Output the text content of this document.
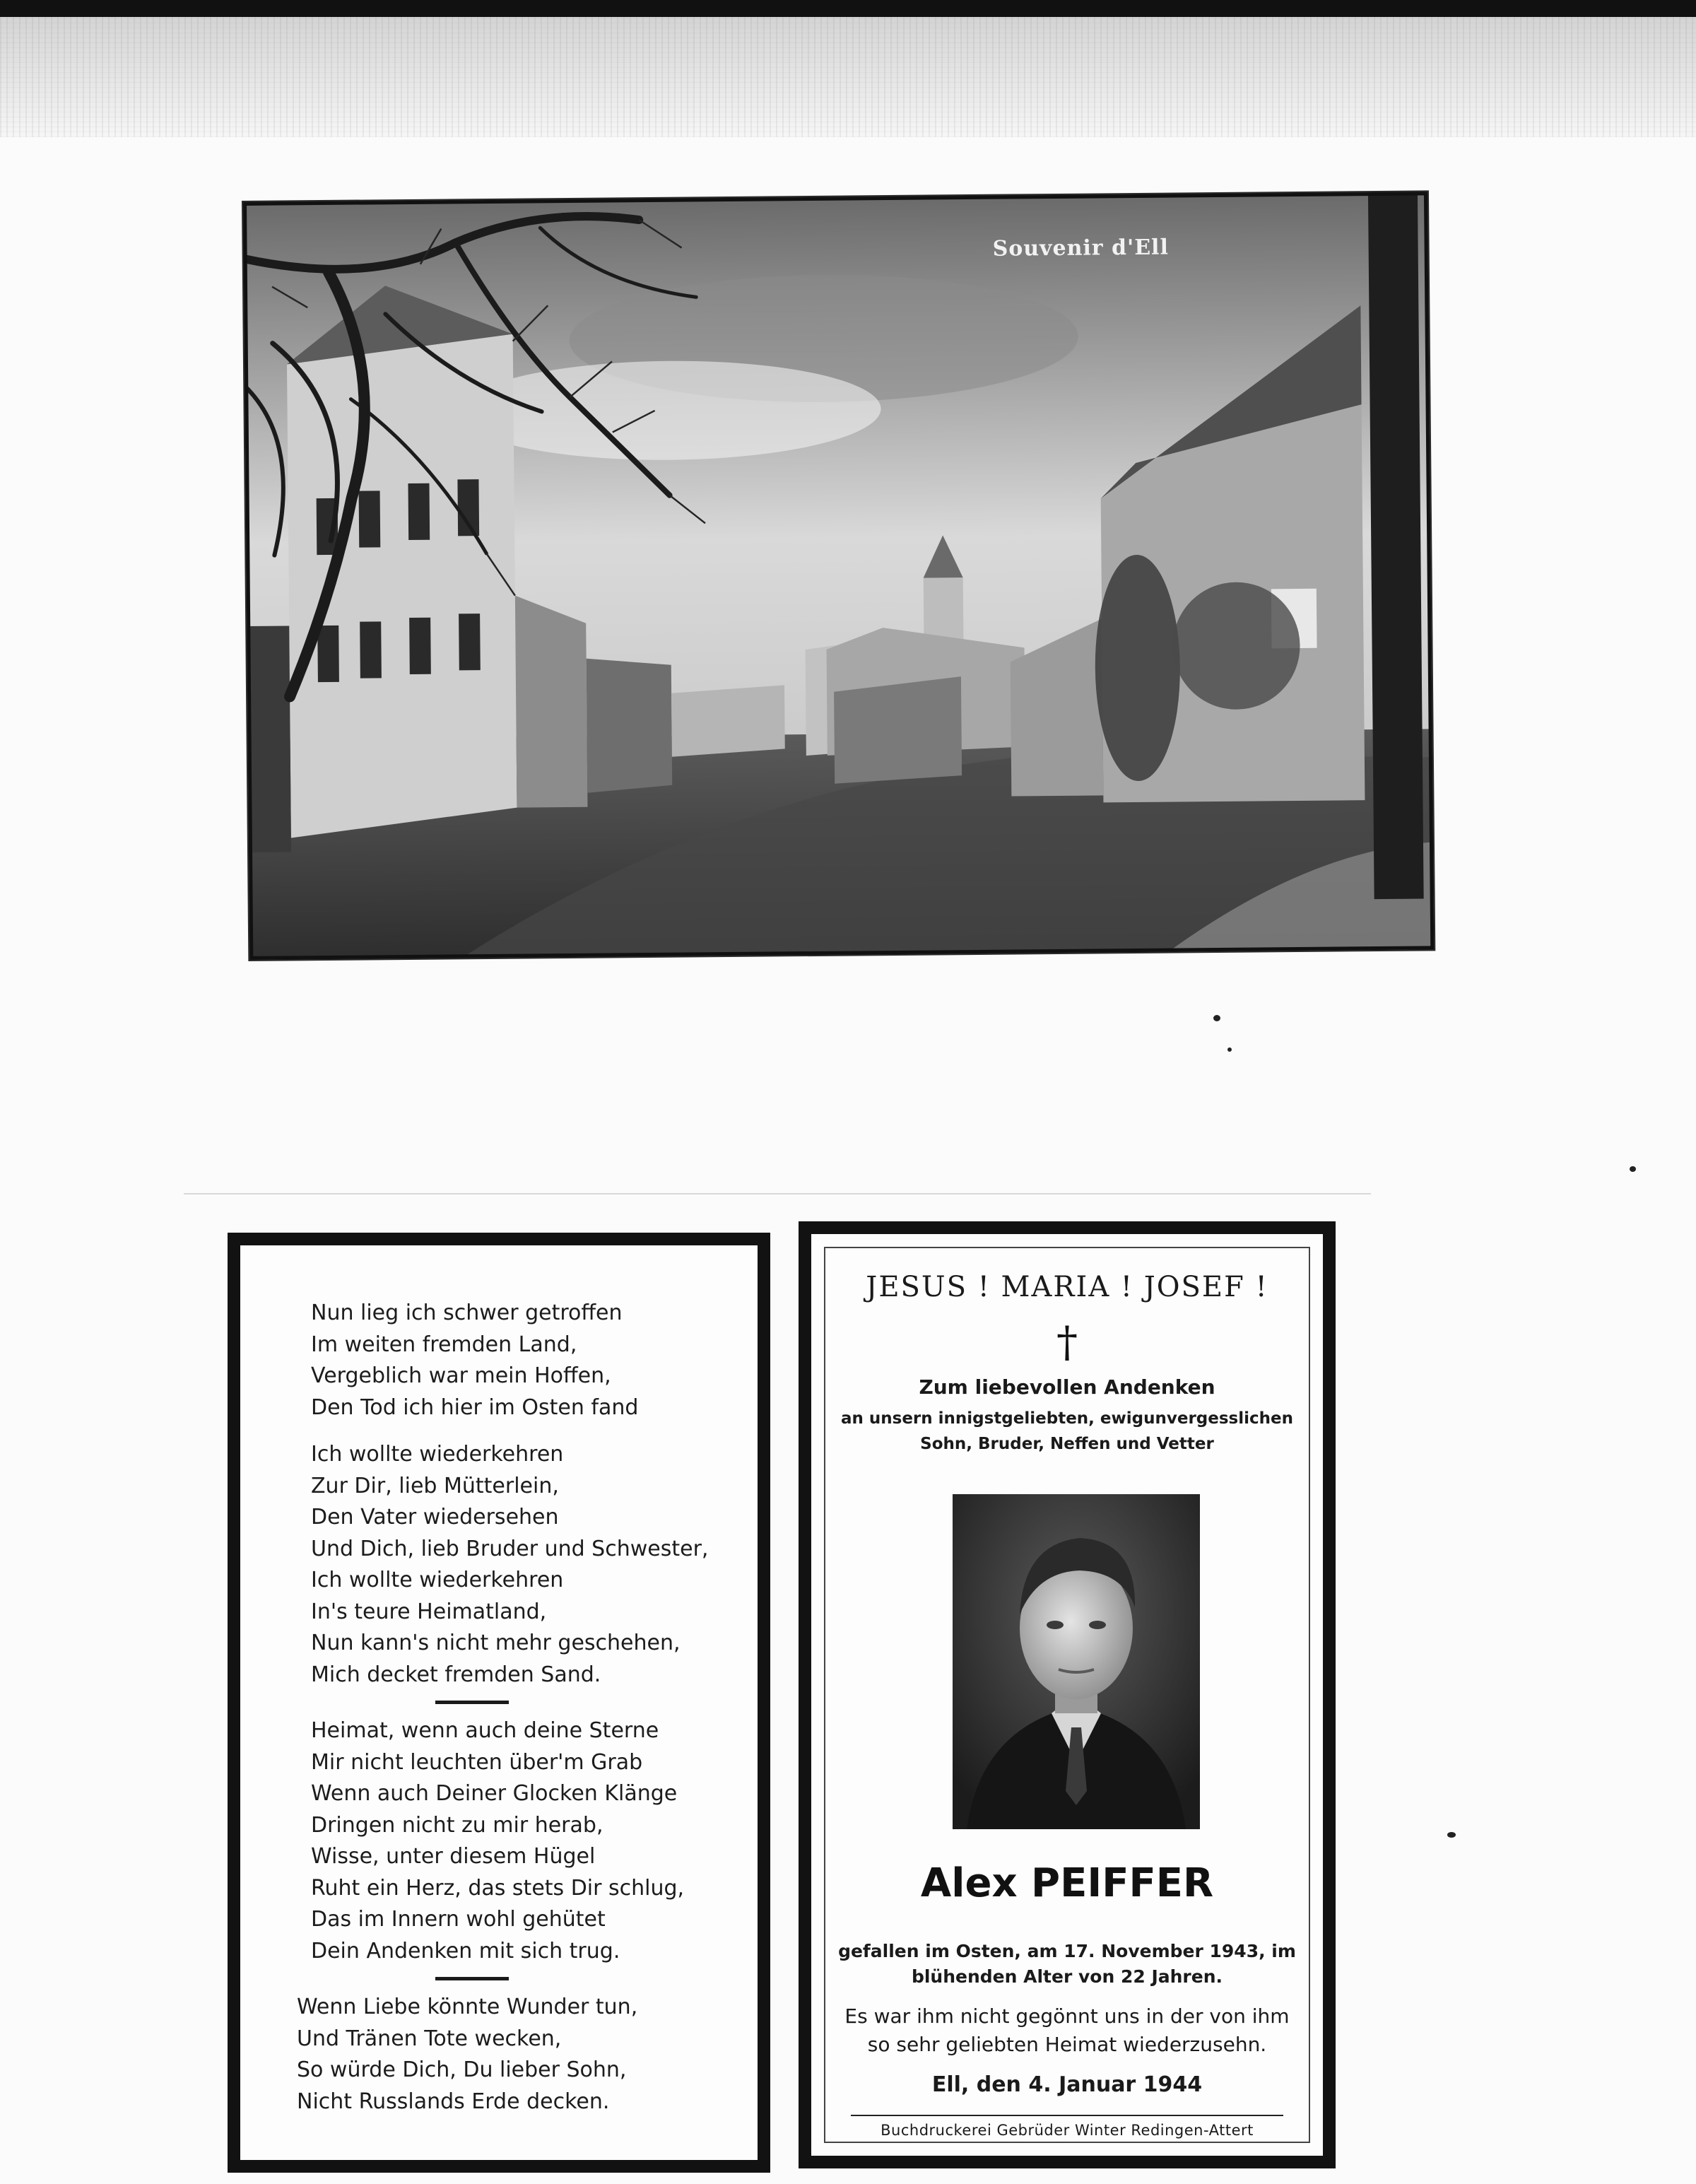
Souvenir d'Ell
Nun lieg ich schwer getroffen
Im weiten fremden Land,
Vergeblich war mein Hoffen,
Den Tod ich hier im Osten fand
Ich wollte wiederkehren
Zur Dir, lieb Mütterlein,
Den Vater wiedersehen
Und Dich, lieb Bruder und Schwester,
Ich wollte wiederkehren
In's teure Heimatland,
Nun kann's nicht mehr geschehen,
Mich decket fremden Sand.
Heimat, wenn auch deine Sterne
Mir nicht leuchten über'm Grab
Wenn auch Deiner Glocken Klänge
Dringen nicht zu mir herab,
Wisse, unter diesem Hügel
Ruht ein Herz, das stets Dir schlug,
Das im Innern wohl gehütet
Dein Andenken mit sich trug.
Wenn Liebe könnte Wunder tun,
Und Tränen Tote wecken,
So würde Dich, Du lieber Sohn,
Nicht Russlands Erde decken.
JESUS ! MARIA ! JOSEF !
†
Zum liebevollen Andenken
an unsern innigstgeliebten, ewigunvergesslichen
Sohn, Bruder, Neffen und Vetter
Alex PEIFFER
gefallen im Osten, am 17. November 1943, im
blühenden Alter von 22 Jahren.
Es war ihm nicht gegönnt uns in der von ihm
so sehr geliebten Heimat wiederzusehn.
Ell, den 4. Januar 1944
Buchdruckerei Gebrüder Winter Redingen-Attert
